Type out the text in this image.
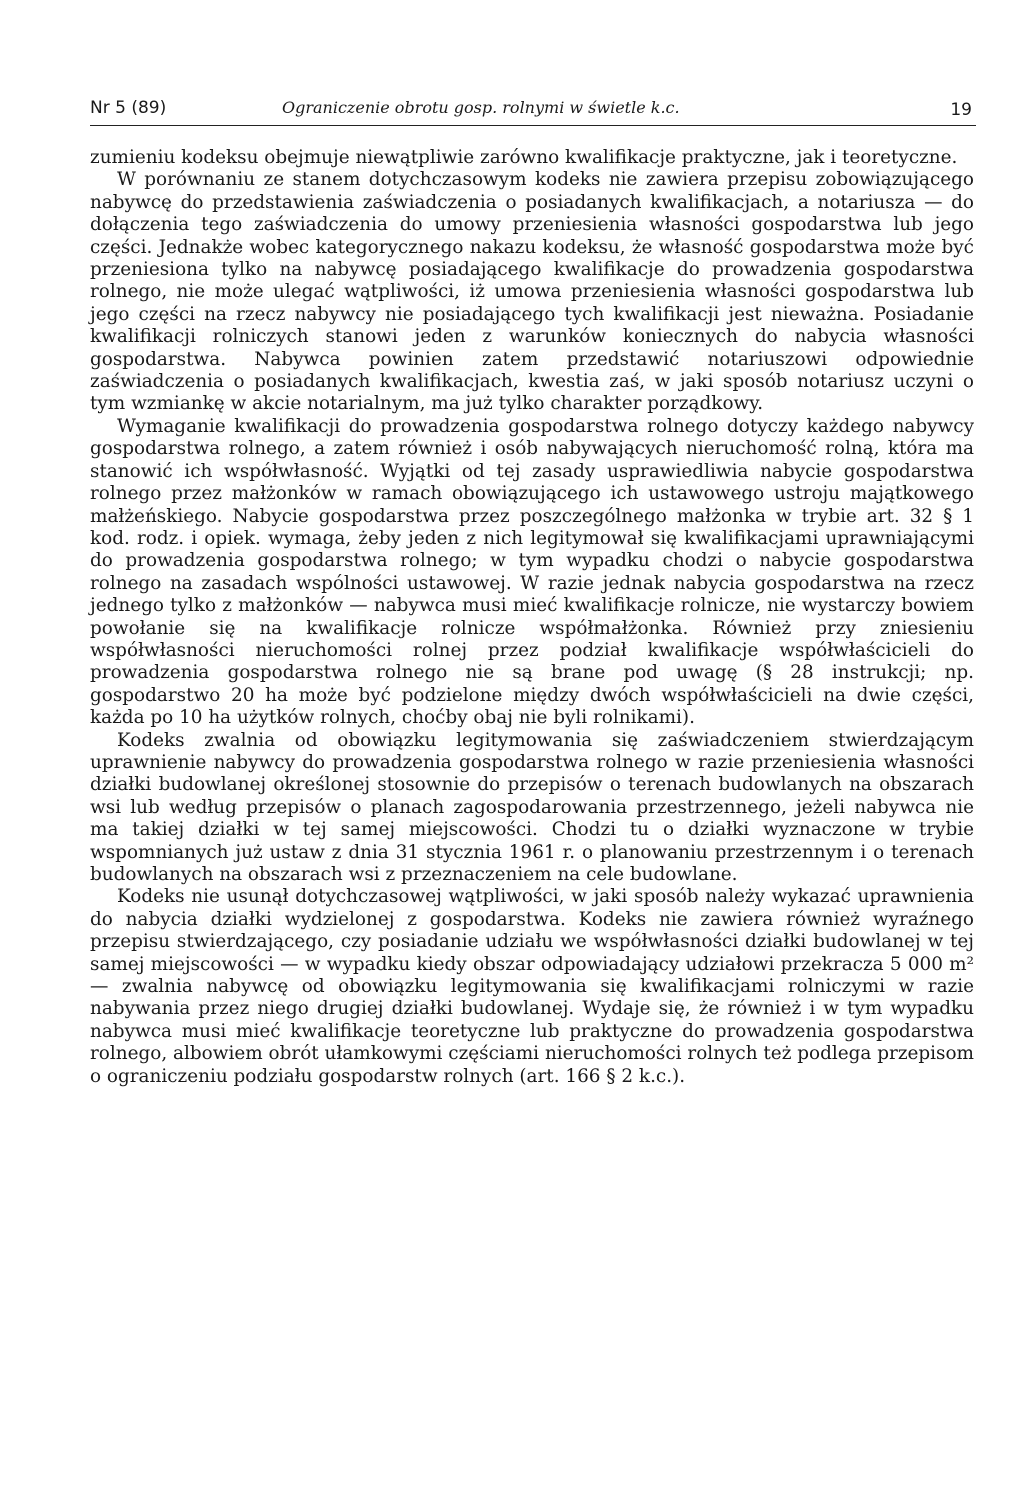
Nr 5 (89)	Ograniczenie obrotu gosp. rolnymi w świetle k.c.	19

zumieniu kodeksu obejmuje niewątpliwie zarówno kwalifikacje praktyczne, jak i teoretyczne.

W porównaniu ze stanem dotychczasowym kodeks nie zawiera przepisu zobowiązującego nabywcę do przedstawienia zaświadczenia o posiadanych kwalifikacjach, a notariusza — do dołączenia tego zaświadczenia do umowy przeniesienia własności gospodarstwa lub jego części. Jednakże wobec kategorycznego nakazu kodeksu, że własność gospodarstwa może być przeniesiona tylko na nabywcę posiadającego kwalifikacje do prowadzenia gospodarstwa rolnego, nie może ulegać wątpliwości, iż umowa przeniesienia własności gospodarstwa lub jego części na rzecz nabywcy nie posiadającego tych kwalifikacji jest nieważna. Posiadanie kwalifikacji rolniczych stanowi jeden z warunków koniecznych do nabycia własności gospodarstwa. Nabywca powinien zatem przedstawić notariuszowi odpowiednie zaświadczenia o posiadanych kwalifikacjach, kwestia zaś, w jaki sposób notariusz uczyni o tym wzmiankę w akcie notarialnym, ma już tylko charakter porządkowy.

Wymaganie kwalifikacji do prowadzenia gospodarstwa rolnego dotyczy każdego nabywcy gospodarstwa rolnego, a zatem również i osób nabywających nieruchomość rolną, która ma stanowić ich współwłasność. Wyjątki od tej zasady usprawiedliwia nabycie gospodarstwa rolnego przez małżonków w ramach obowiązującego ich ustawowego ustroju majątkowego małżeńskiego. Nabycie gospodarstwa przez poszczególnego małżonka w trybie art. 32 § 1 kod. rodz. i opiek. wymaga, żeby jeden z nich legitymował się kwalifikacjami uprawniającymi do prowadzenia gospodarstwa rolnego; w tym wypadku chodzi o nabycie gospodarstwa rolnego na zasadach wspólności ustawowej. W razie jednak nabycia gospodarstwa na rzecz jednego tylko z małżonków — nabywca musi mieć kwalifikacje rolnicze, nie wystarczy bowiem powołanie się na kwalifikacje rolnicze współmałżonka. Również przy zniesieniu współwłasności nieruchomości rolnej przez podział kwalifikacje współwłaścicieli do prowadzenia gospodarstwa rolnego nie są brane pod uwagę (§ 28 instrukcji; np. gospodarstwo 20 ha może być podzielone między dwóch współwłaścicieli na dwie części, każda po 10 ha użytków rolnych, choćby obaj nie byli rolnikami).

Kodeks zwalnia od obowiązku legitymowania się zaświadczeniem stwierdzającym uprawnienie nabywcy do prowadzenia gospodarstwa rolnego w razie przeniesienia własności działki budowlanej określonej stosownie do przepisów o terenach budowlanych na obszarach wsi lub według przepisów o planach zagospodarowania przestrzennego, jeżeli nabywca nie ma takiej działki w tej samej miejscowości. Chodzi tu o działki wyznaczone w trybie wspomnianych już ustaw z dnia 31 stycznia 1961 r. o planowaniu przestrzennym i o terenach budowlanych na obszarach wsi z przeznaczeniem na cele budowlane.

Kodeks nie usunął dotychczasowej wątpliwości, w jaki sposób należy wykazać uprawnienia do nabycia działki wydzielonej z gospodarstwa. Kodeks nie zawiera również wyraźnego przepisu stwierdzającego, czy posiadanie udziału we współwłasności działki budowlanej w tej samej miejscowości — w wypadku kiedy obszar odpowiadający udziałowi przekracza 5 000 m² — zwalnia nabywcę od obowiązku legitymowania się kwalifikacjami rolniczymi w razie nabywania przez niego drugiej działki budowlanej. Wydaje się, że również i w tym wypadku nabywca musi mieć kwalifikacje teoretyczne lub praktyczne do prowadzenia gospodarstwa rolnego, albowiem obrót ułamkowymi częściami nieruchomości rolnych też podlega przepisom o ograniczeniu podziału gospodarstw rolnych (art. 166 § 2 k.c.).
